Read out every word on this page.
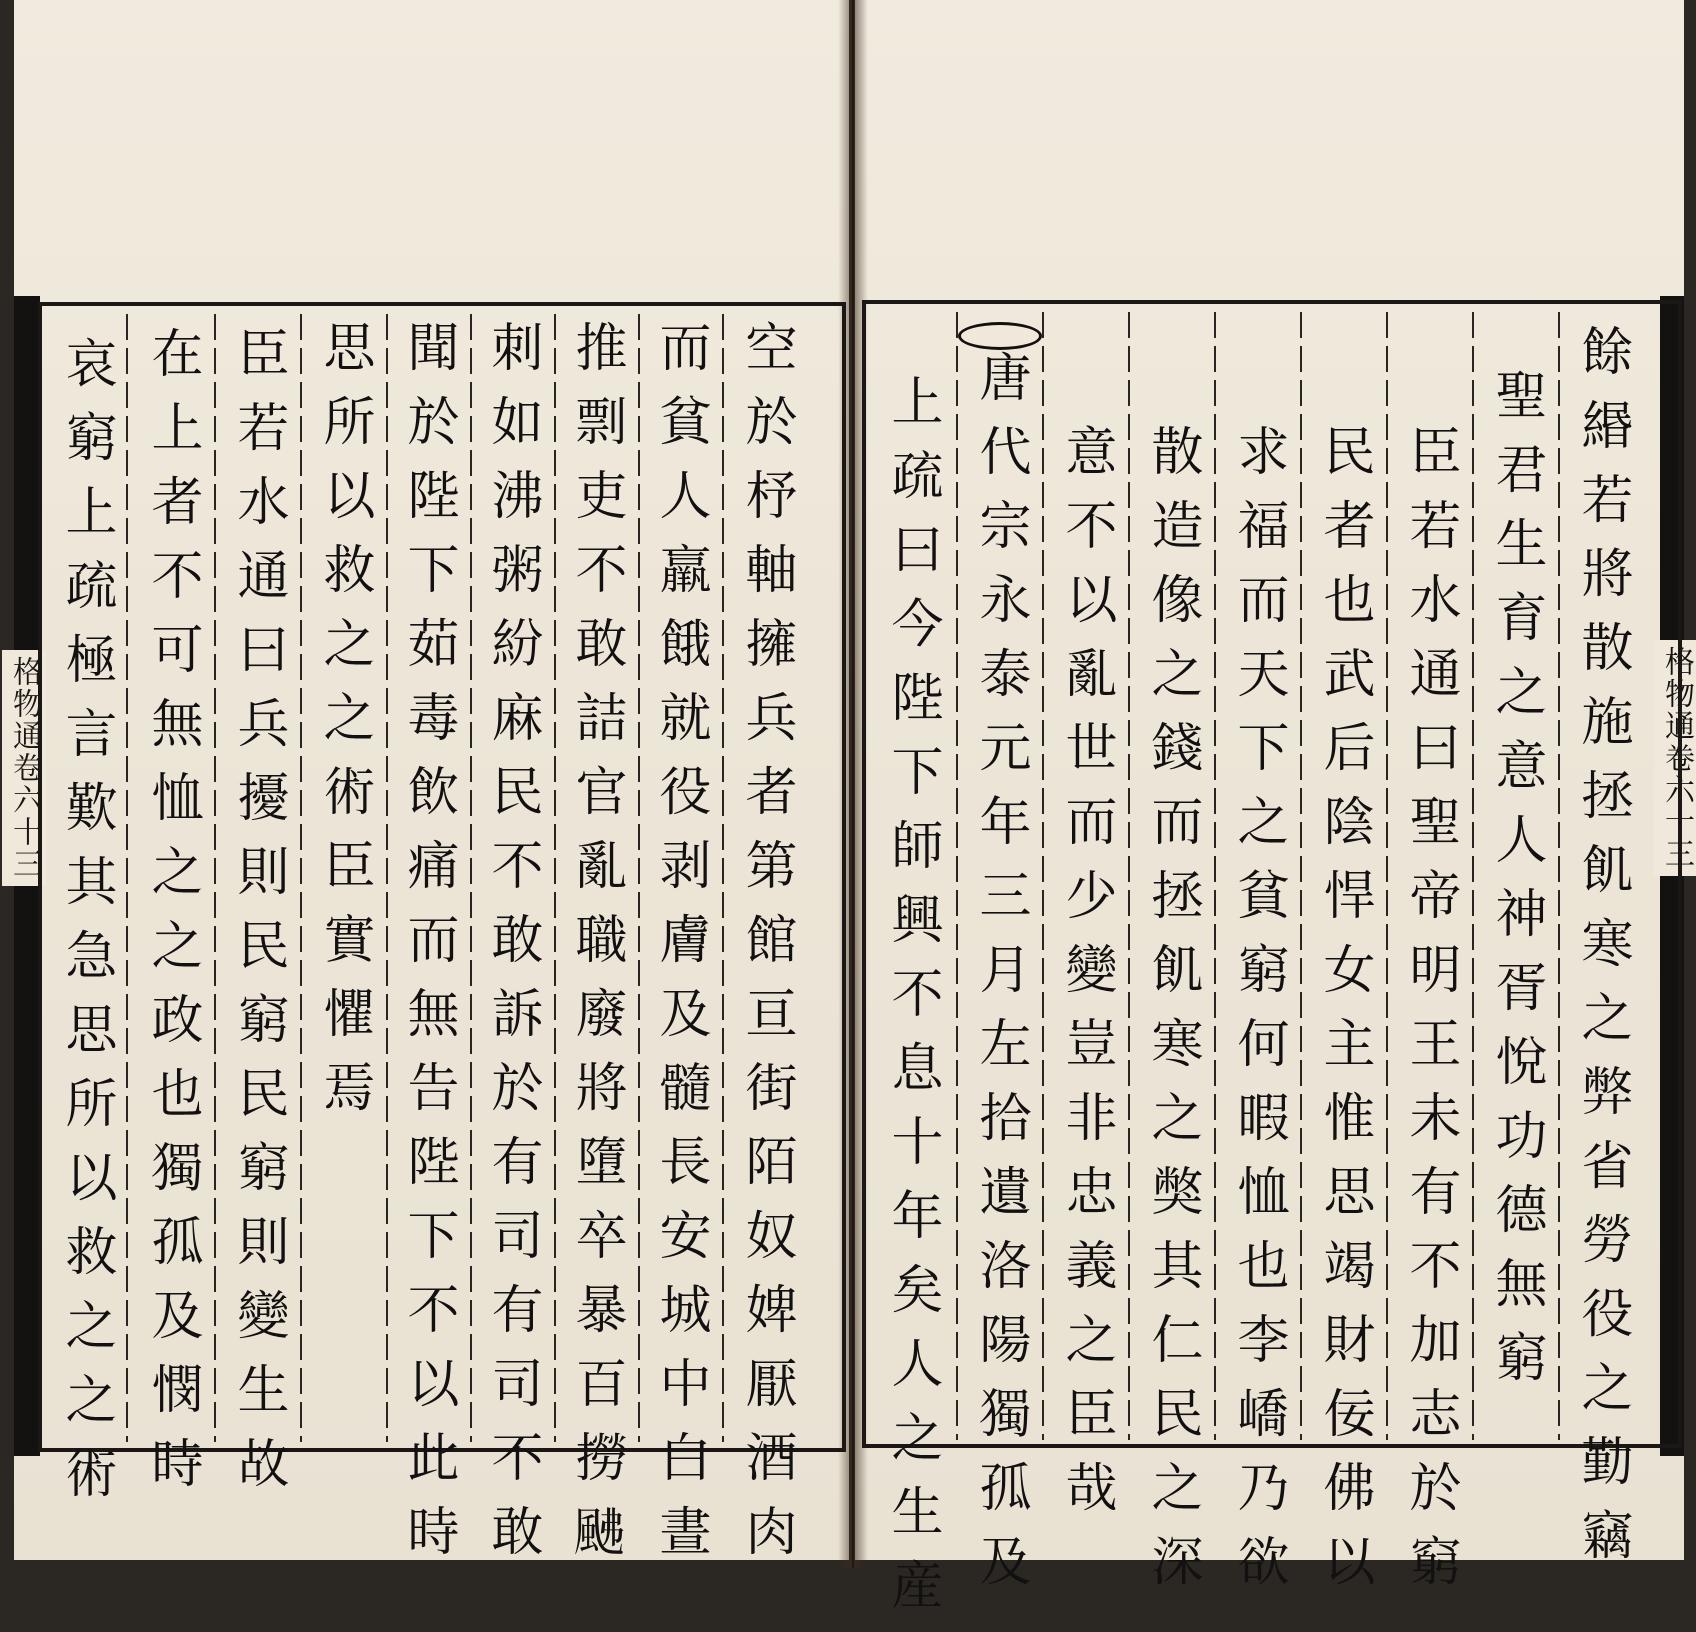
格物通卷六十三	格物通卷六十三
哀窮上疏極言歎其急思所以救之之術 在上者不可無恤之之政也獨孤及憫時 臣若水通曰兵擾則民窮民窮則變生故 思所以救之之術臣實懼焉 聞於陛下茹毒飲痛而無告陛下不以此時 刺如沸粥紛麻民不敢訴於有司有司不敢 推剽吏不敢詰官亂職廢將墮卒暴百撈𩖼 而貧人羸餓就役剥膚及髓長安城中白晝 空於杼軸擁兵者第館亘街陌奴婢厭酒肉 上疏曰今陛下師興不息十年矣人之生産 唐代宗永泰元年三月左拾遺洛陽獨孤及 意不以亂世而少變豈非忠義之臣哉 散造像之錢而拯飢寒之獘其仁民之深 求福而天下之貧窮何暇恤也李嶠乃欲 民者也武后陰悍女主惟思竭財佞佛以 臣若水通曰聖帝明王未有不加志於窮 聖君生育之意人神胥悅功德無窮 餘緡若將散施拯飢寒之弊省勞役之勤竊
